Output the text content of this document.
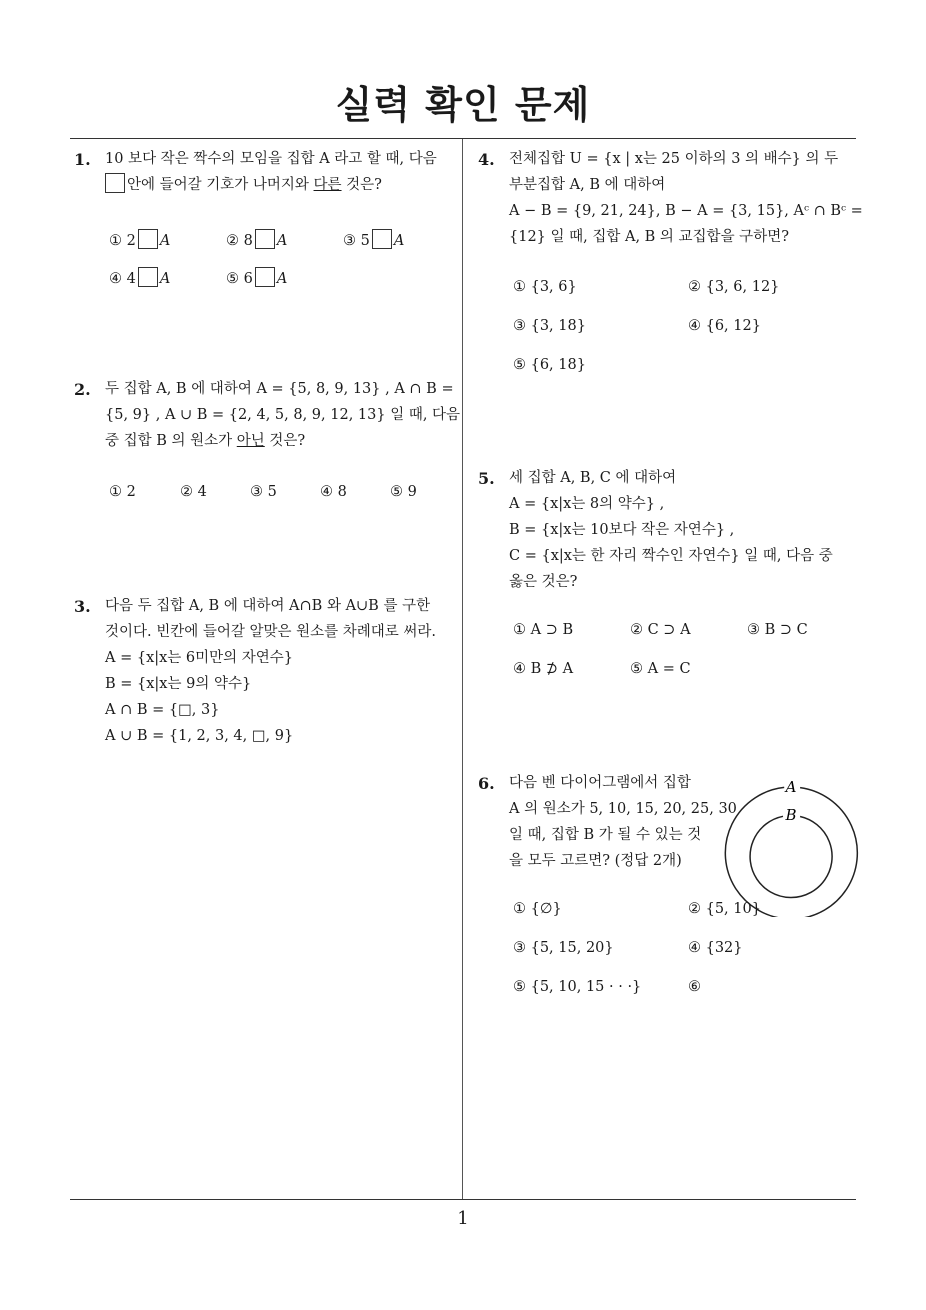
실력 확인 문제
1. 10 보다 작은 짝수의 모임을 집합 A 라고 할 때, 다음
안에 들어갈 기호가 나머지와 다른 것은?
① 2 A	② 8 A	③ 5 A
④ 4 A	⑤ 6 A
2. 두 집합 A, B 에 대하여 A = {5, 8, 9, 13} , A ∩ B =
{5, 9} , A ∪ B = {2, 4, 5, 8, 9, 12, 13} 일 때, 다음
중 집합 B 의 원소가 아닌 것은?
① 2	② 4	③ 5	④ 8	⑤ 9
3. 다음 두 집합 A, B 에 대하여 A∩B 와 A∪B 를 구한
것이다. 빈칸에 들어갈 알맞은 원소를 차례대로 써라.
A = {x|x는 6미만의 자연수}
B = {x|x는 9의 약수}
A ∩ B = {□, 3}
A ∪ B = {1, 2, 3, 4, □, 9}
4. 전체집합 U = {x | x는 25 이하의 3 의 배수} 의 두
부분집합 A, B 에 대하여
A − B = {9, 21, 24}, B − A = {3, 15}, Aᶜ ∩ Bᶜ =
{12} 일 때, 집합 A, B 의 교집합을 구하면?
① {3, 6}	② {3, 6, 12}
③ {3, 18}	④ {6, 12}
⑤ {6, 18}
5. 세 집합 A, B, C 에 대하여
A = {x|x는 8의 약수} ,
B = {x|x는 10보다 작은 자연수} ,
C = {x|x는 한 자리 짝수인 자연수} 일 때, 다음 중
옳은 것은?
① A ⊃ B	② C ⊃ A	③ B ⊃ C
④ B ⊅ A	⑤ A = C
6. 다음 벤 다이어그램에서 집합
A 의 원소가 5, 10, 15, 20, 25, 30
일 때, 집합 B 가 될 수 있는 것
을 모두 고르면? (정답 2개)
A
B
① {∅}	② {5, 10}
③ {5, 15, 20}	④ {32}
⑤ {5, 10, 15 · · ·}	⑥
1
